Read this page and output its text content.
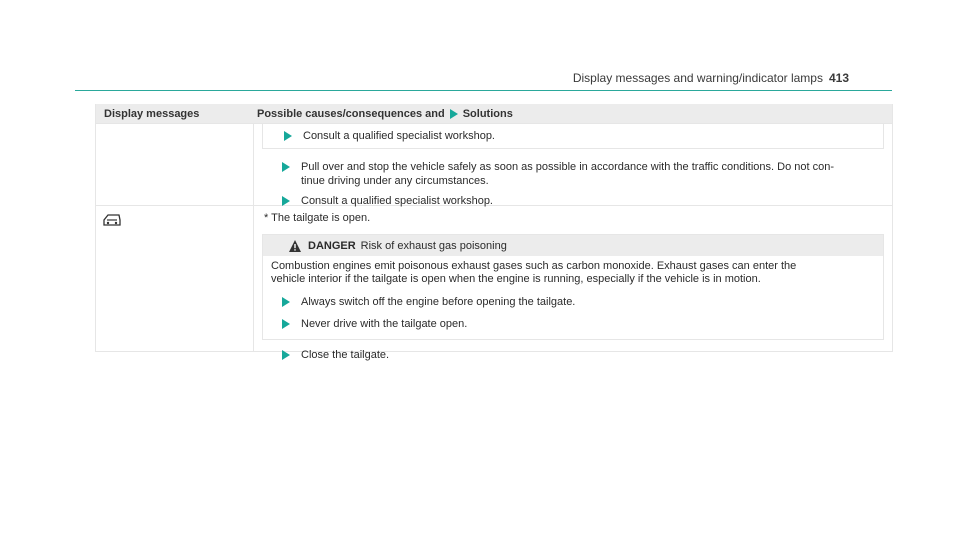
Display messages and warning/indicator lamps 413
Display messages	Possible causes/consequences and Solutions
Consult a qualified specialist workshop.
Pull over and stop the vehicle safely as soon as possible in accordance with the traffic conditions. Do not con-
tinue driving under any circumstances.
Consult a qualified specialist workshop.
* The tailgate is open.
DANGER Risk of exhaust gas poisoning
Combustion engines emit poisonous exhaust gases such as carbon monoxide. Exhaust gases can enter the
vehicle interior if the tailgate is open when the engine is running, especially if the vehicle is in motion.
Always switch off the engine before opening the tailgate.
Never drive with the tailgate open.
Close the tailgate.
